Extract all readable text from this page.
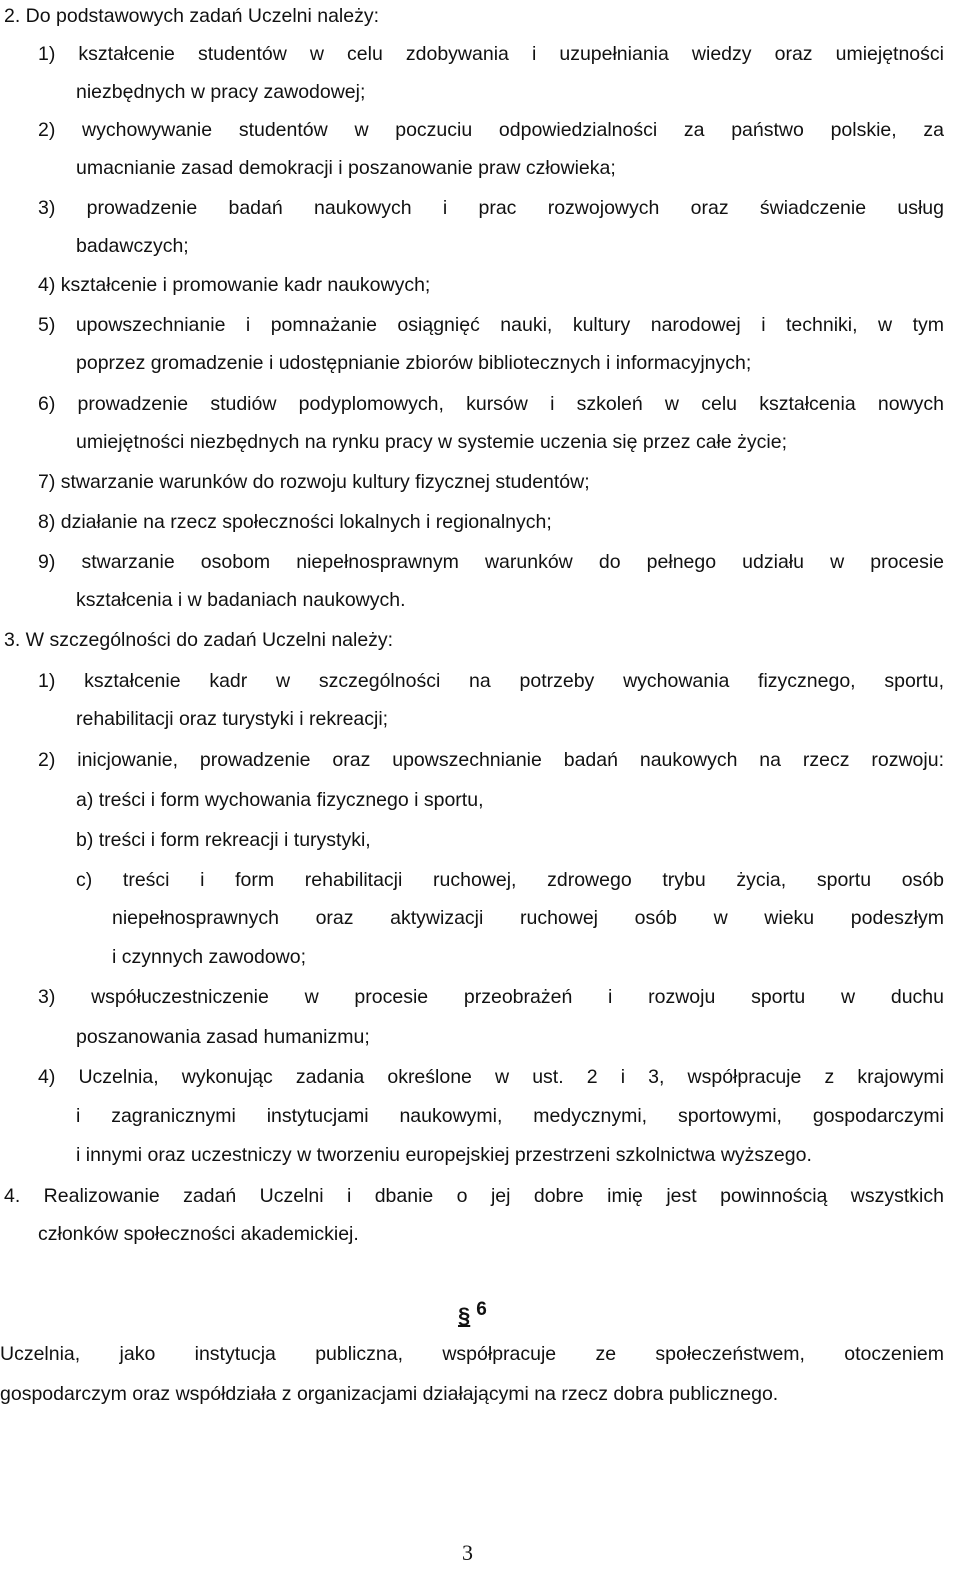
2. Do podstawowych zadań Uczelni należy:
1) kształcenie studentów w celu zdobywania i uzupełniania wiedzy oraz umiejętności
niezbędnych w pracy zawodowej;
2) wychowywanie studentów w poczuciu odpowiedzialności za państwo polskie, za
umacnianie zasad demokracji i poszanowanie praw człowieka;
3) prowadzenie badań naukowych i prac rozwojowych oraz świadczenie usług
badawczych;
4) kształcenie i promowanie kadr naukowych;
5) upowszechnianie i pomnażanie osiągnięć nauki, kultury narodowej i techniki, w tym
poprzez gromadzenie i udostępnianie zbiorów bibliotecznych i informacyjnych;
6) prowadzenie studiów podyplomowych, kursów i szkoleń w celu kształcenia nowych
umiejętności niezbędnych na rynku pracy w systemie uczenia się przez całe życie;
7) stwarzanie warunków do rozwoju kultury fizycznej studentów;
8) działanie na rzecz społeczności lokalnych i regionalnych;
9) stwarzanie osobom niepełnosprawnym warunków do pełnego udziału w procesie
kształcenia i w badaniach naukowych.
3. W szczególności do zadań Uczelni należy:
1) kształcenie kadr w szczególności na potrzeby wychowania fizycznego, sportu,
rehabilitacji oraz turystyki i rekreacji;
2) inicjowanie, prowadzenie oraz upowszechnianie badań naukowych na rzecz rozwoju:
a) treści i form wychowania fizycznego i sportu,
b) treści i form rekreacji i turystyki,
c) treści i form rehabilitacji ruchowej, zdrowego trybu życia, sportu osób
niepełnosprawnych oraz aktywizacji ruchowej osób w wieku podeszłym
i czynnych zawodowo;
3) współuczestniczenie w procesie przeobrażeń i rozwoju sportu w duchu
poszanowania zasad humanizmu;
4) Uczelnia, wykonując zadania określone w ust. 2 i 3, współpracuje z krajowymi
i zagranicznymi instytucjami naukowymi, medycznymi, sportowymi, gospodarczymi
i innymi oraz uczestniczy w tworzeniu europejskiej przestrzeni szkolnictwa wyższego.
4. Realizowanie zadań Uczelni i dbanie o jej dobre imię jest powinnością wszystkich
członków społeczności akademickiej.
§ 6
Uczelnia, jako instytucja publiczna, współpracuje ze społeczeństwem, otoczeniem
gospodarczym oraz współdziała z organizacjami działającymi na rzecz dobra publicznego.
3
